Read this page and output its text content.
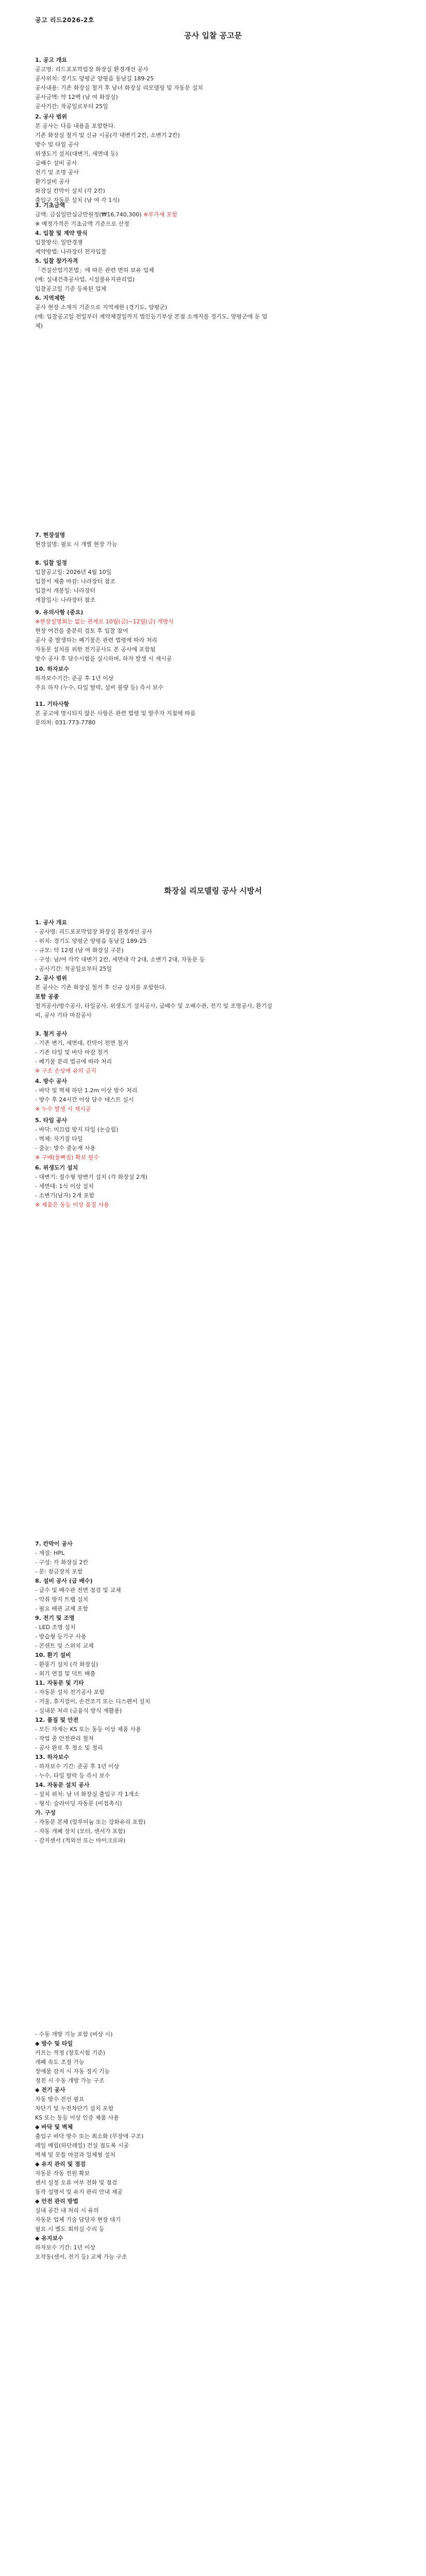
공고 리드2026-2호

공사 입찰 공고문

1. 공고 개요

공고명: 리드포포막업장 화장실 환경개선 공사

공사위치: 경기도 양평군 양평읍 동남길 189-25

공사내용: 기존 화장실 철거 후 남녀 화장실 리모델링 및 자동문 설치

공사금액: 약 12백 (남 여 화장실)

공사기간: 착공일로부터 25일

2. 공사 범위

본 공사는 다음 내용을 포함한다.

기존 화장실 철거 및 신규 시공(각 대변기 2칸, 소변기 2칸)

방수 및 타일 공사

위생도기 설치(대변기, 세면대 등)

급배수 설비 공사

전기 및 조명 공사

환기설비 공사

화장실 칸막이 설치 (각 2칸)

출입구 자동문 설치 (남 여 각 1식)

3. 기초금액

금액: 금십일만십금만원정(₩16,740,300) ※부가세 포함

※ 예정가격은 기초금액 기준으로 산정

4. 입찰 및 계약 방식

입찰방식: 일반경쟁

계약방법: 나라장터 전자입찰

5. 입찰 참가자격

「건설산업기본법」에 따른 관련 면허 보유 업체

(예: 실내건축공사업, 시설물유지관리업)

입찰공고일 기준 등록된 업체

6. 지역제한

공사 현장 소재지 기준으로 지역제한 (경기도, 양평군)

(예: 입찰공고일 전일부터 계약체결일까지 법인등기부상 본점 소재지를 경기도, 양평군에 둔 업

체)

7. 현장설명

현장설명: 필요 시 개별 현장 가능

8. 입찰 일정

입찰공고일: 2026년 4월 10일

입찰서 제출 마감: 나라장터 참조

입찰서 개봉일: 나라장터

개찰일시: 나라장터 참조

9. 유의사항 (중요)

※현장설명회는 없는 관계로 10월(금)~12월(금) 개방식

현장 여건을 충분히 검토 후 입찰 참여

공사 중 발생하는 폐기물은 관련 법령에 따라 처리

자동문 설치를 위한 전기공사도 본 공사에 포함됨

방수 공사 후 담수시험을 실시하며, 하자 발생 시 재시공

10. 하자보수

하자보수기간: 준공 후 1년 이상

주요 하자 (누수, 타일 탈락, 설비 불량 등) 즉시 보수

11. 기타사항

본 공고에 명시되지 않은 사항은 관련 법령 및 발주자 지침에 따름

문의처: 031-773-7780

화장실 리모델링 공사 시방서

1. 공사 개요

- 공사명: 리드포포막업장 화장실 환경개선 공사

- 위치: 경기도 양평군 양평읍 동남길 189-25

- 규모: 약 12평 (남 여 화장실 구분)

- 구성: 남/여 각각 대변기 2칸, 세면대 각 2대, 소변기 2대, 자동문 등

- 공사기간: 착공일로부터 25일

2. 공사 범위

본 공사는 기존 화장실 철거 후 신규 설치를 포함한다.

포함 공종

철거공사/방수공사, 타일공사, 위생도기 설치공사, 급배수 및 오배수관, 전기 및 조명공사, 환기설

비, 공사 기타 마감공사

3. 철거 공사

- 기존 변기, 세면대, 칸막이 전면 철거

- 기존 타일 및 바닥 마감 철거

- 폐기물 분리 법규에 따라 처리

※ 구조 손상에 유의 금지

4. 방수 공사

- 바닥 및 벽체 하단 1.2m 이상 방수 처리

- 방수 후 24시간 이상 담수 테스트 실시

※ 누수 발생 시 재시공

5. 타일 공사

- 바닥: 미끄럼 방지 타일 (논슬립)

- 벽체: 자기질 타일

- 줄눈: 방수 줄눈재 사용

※ 구배(물빠짐) 확보 필수

6. 위생도기 설치

- 대변기: 절수형 양변기 설치 (각 화장실 2개)

- 세면대: 1식 이상 설치

- 소변기(남자) 2개 포함

※ 제품은 동등 이상 품질 사용

7. 칸막이 공사

- 재질: HPL

- 구성: 각 화장실 2칸

- 문: 잠금장치 포함

8. 설비 공사 (급 배수)

- 급수 및 배수관 전면 점검 및 교체

- 악취 방지 트랩 설치

- 필요 배관 교체 포함

9. 전기 및 조명

- LED 조명 설치

- 방습형 등기구 사용

- 콘센트 및 스위치 교체

10. 환기 설비

- 환풍기 설치 (각 화장실)

- 외기 연결 및 덕트 배출

11. 자동문 및 기타

- 자동문 설치 전기공사 포함

- 거울, 휴지걸이, 손건조기 또는 디스펜서 설치

- 실내문 처리 (금융식 방식 재활용)

12. 품질 및 안전

- 모든 자재는 KS 또는 동등 이상 제품 사용

- 작업 중 안전관리 철저

- 공사 완료 후 청소 및 정리

13. 하자보수

- 하자보수 기간: 준공 후 1년 이상

- 누수, 타일 탈락 등 즉시 보수

14. 자동문 설치 공사

- 설치 위치: 남 녀 화장실 출입구 각 1개소

- 형식: 슬라이딩 자동문 (비접촉식)

가. 구성

- 자동문 본체 (알루미늄 또는 강화유리 포함)

- 자동 개폐 장치 (모터, 센서가 포함)

- 감지센서 (적외선 또는 마이크로파)

- 수동 개방 기능 포함 (비상 시)

◆ 방수 및 타일

커프는 적정 (창호시험 기준)

개폐 속도 조절 가능

장애물 감지 시 자동 정지 기능

정전 시 수동 개방 가능 구조

◆ 전기 공사

자동 방수 전선 필요

차단기 및 누전차단기 설치 포함

KS 또는 동등 이상 인증 제품 사용

◆ 바닥 및 벽체

출입구 바닥 방수 또는 최소화 (무장애 구조)

레일 매립(하단레일) 건설 접도록 시공

벽체 및 문틀 마감과 일체형 설치

◆ 유지 관리 및 점검

자동문 작동 전원 확보

센서 설정 오류 여부 전화 및 점검

동작 설명서 및 유지 관리 안내 제공

◆ 안전 관리 방법

실내 공간 내 처리 시 유의

자동문 업체 기술 담당자 현장 대기

필요 시 별도 회의실 수리 등

◆ 유지보수

하자보수 기간: 1년 이상

오작동(센서, 전기 등) 교체 가능 구조
